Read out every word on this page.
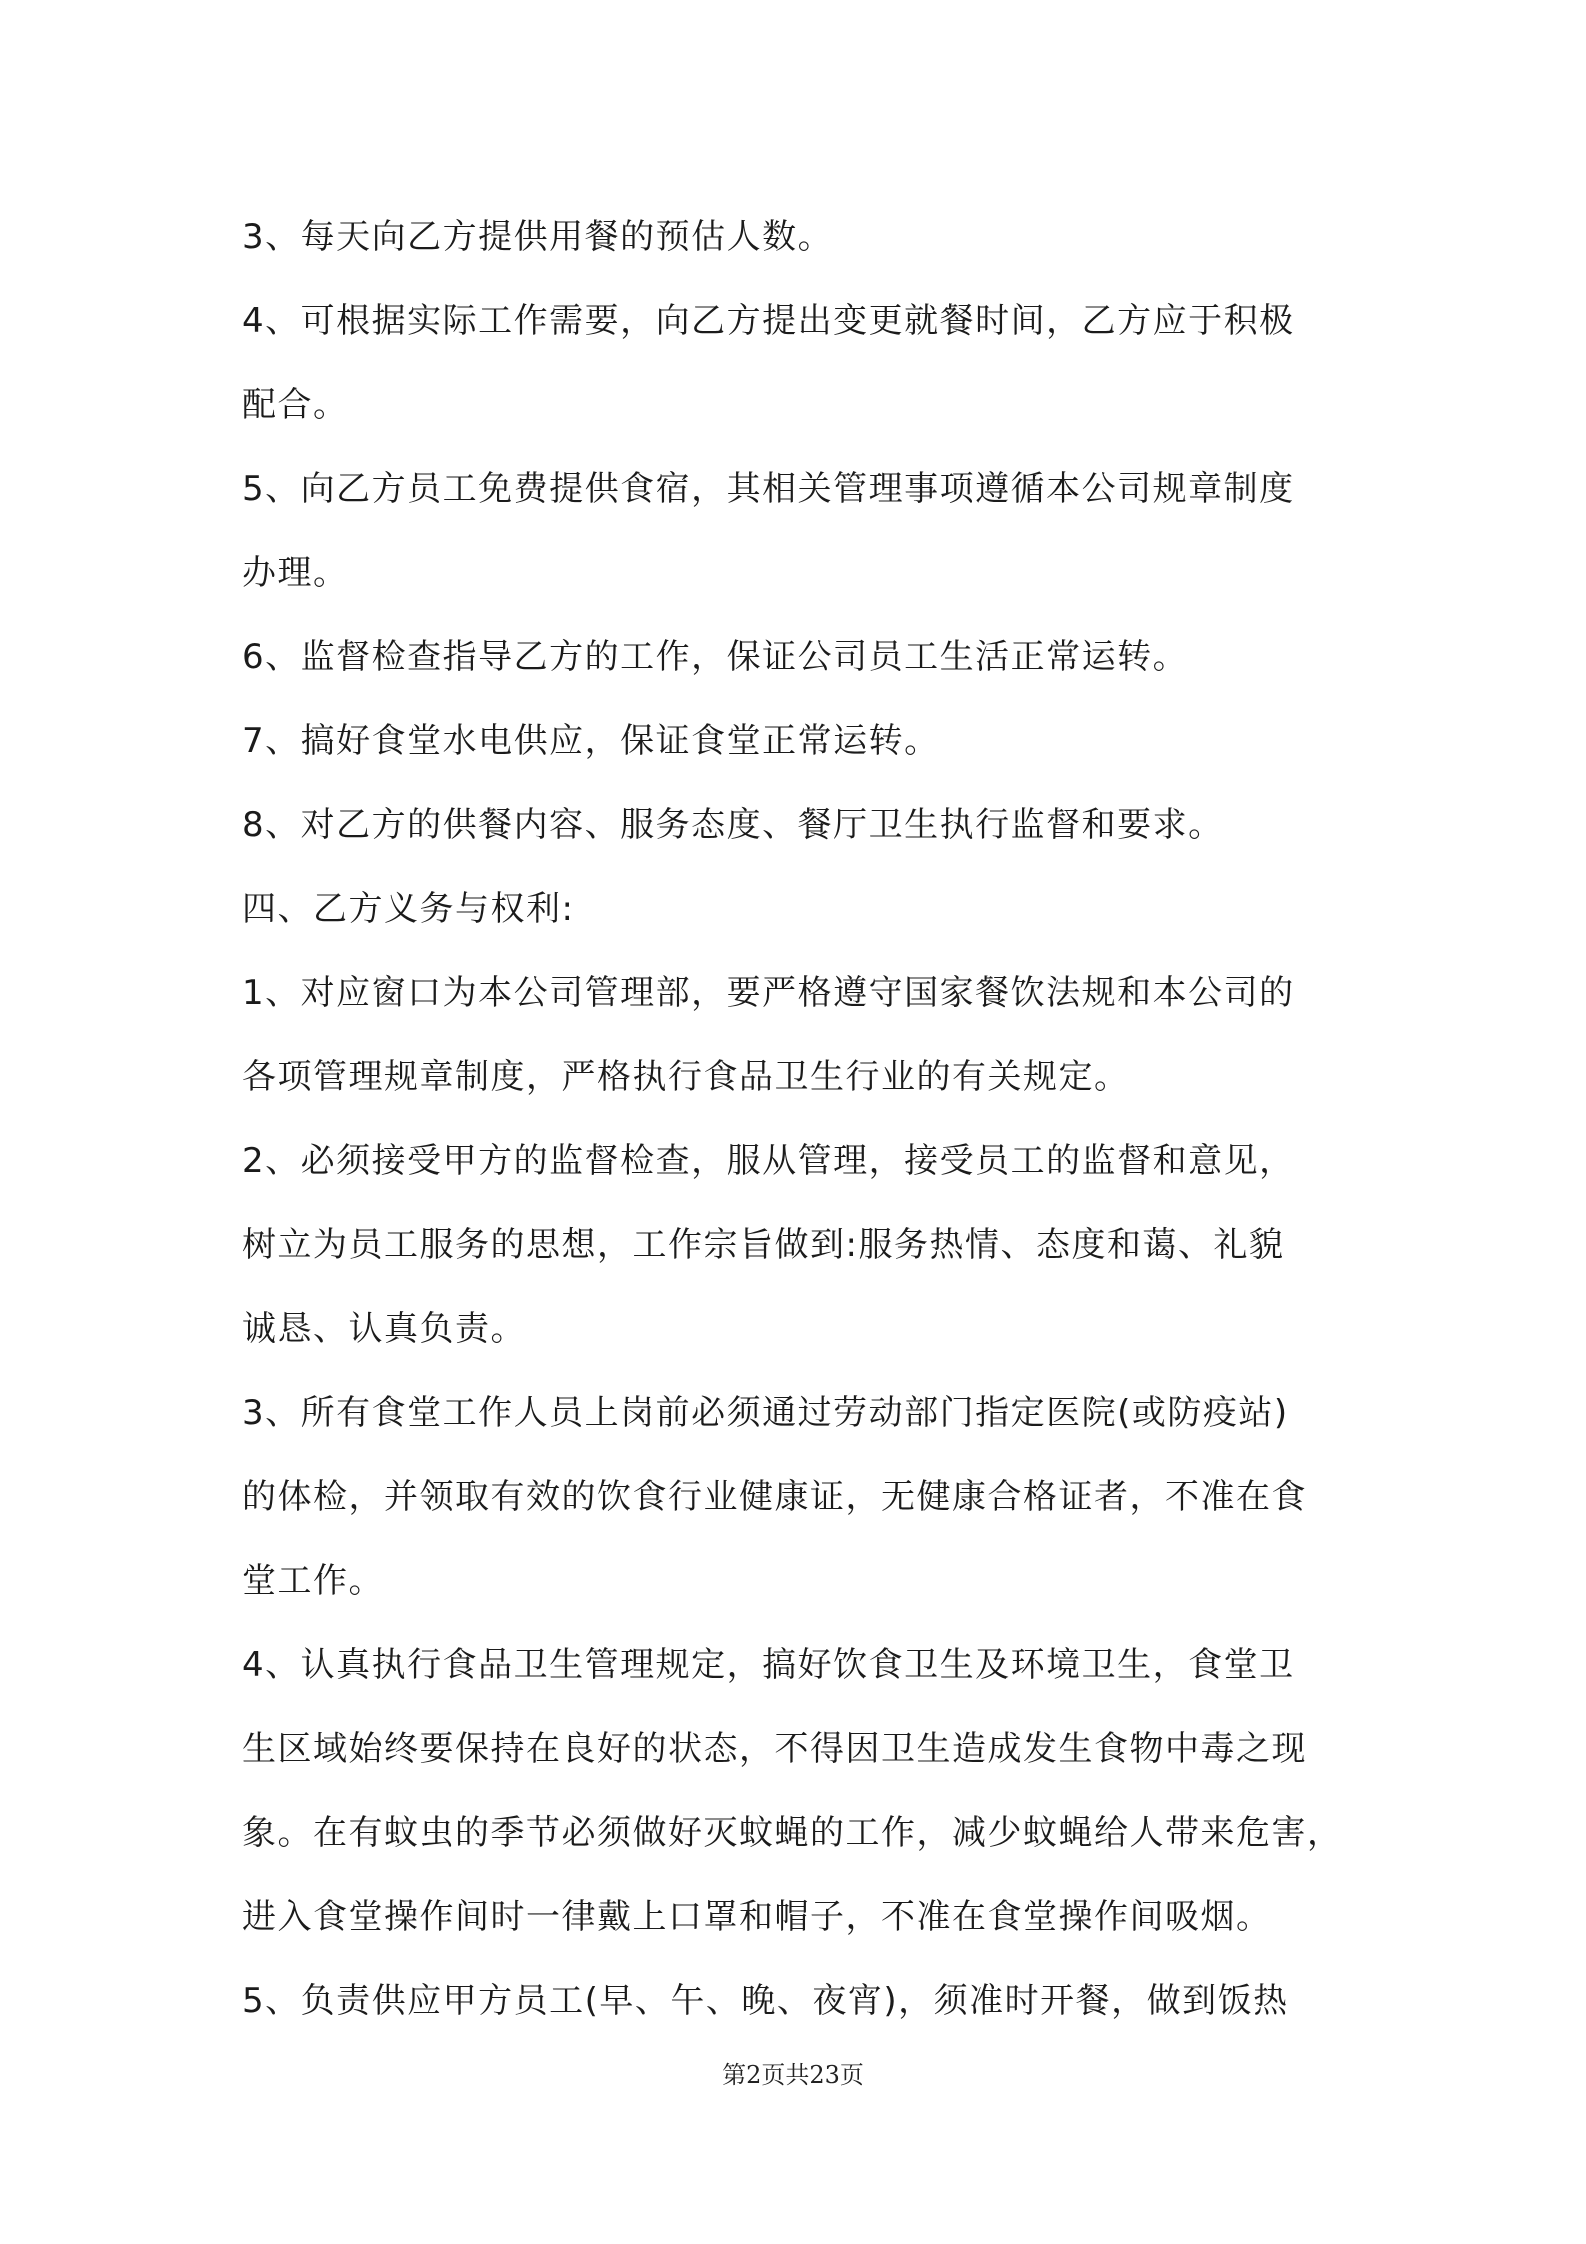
3、每天向乙方提供用餐的预估人数。
4、可根据实际工作需要，向乙方提出变更就餐时间，乙方应于积极
配合。
5、向乙方员工免费提供食宿，其相关管理事项遵循本公司规章制度
办理。
6、监督检查指导乙方的工作，保证公司员工生活正常运转。
7、搞好食堂水电供应，保证食堂正常运转。
8、对乙方的供餐内容、服务态度、餐厅卫生执行监督和要求。
四、乙方义务与权利:
1、对应窗口为本公司管理部，要严格遵守国家餐饮法规和本公司的
各项管理规章制度，严格执行食品卫生行业的有关规定。
2、必须接受甲方的监督检查，服从管理，接受员工的监督和意见，
树立为员工服务的思想，工作宗旨做到:服务热情、态度和蔼、礼貌
诚恳、认真负责。
3、所有食堂工作人员上岗前必须通过劳动部门指定医院(或防疫站)
的体检，并领取有效的饮食行业健康证，无健康合格证者，不准在食
堂工作。
4、认真执行食品卫生管理规定，搞好饮食卫生及环境卫生，食堂卫
生区域始终要保持在良好的状态，不得因卫生造成发生食物中毒之现
象。在有蚊虫的季节必须做好灭蚊蝇的工作，减少蚊蝇给人带来危害，
进入食堂操作间时一律戴上口罩和帽子，不准在食堂操作间吸烟。
5、负责供应甲方员工(早、午、晚、夜宵)，须准时开餐，做到饭热
第2页共23页
